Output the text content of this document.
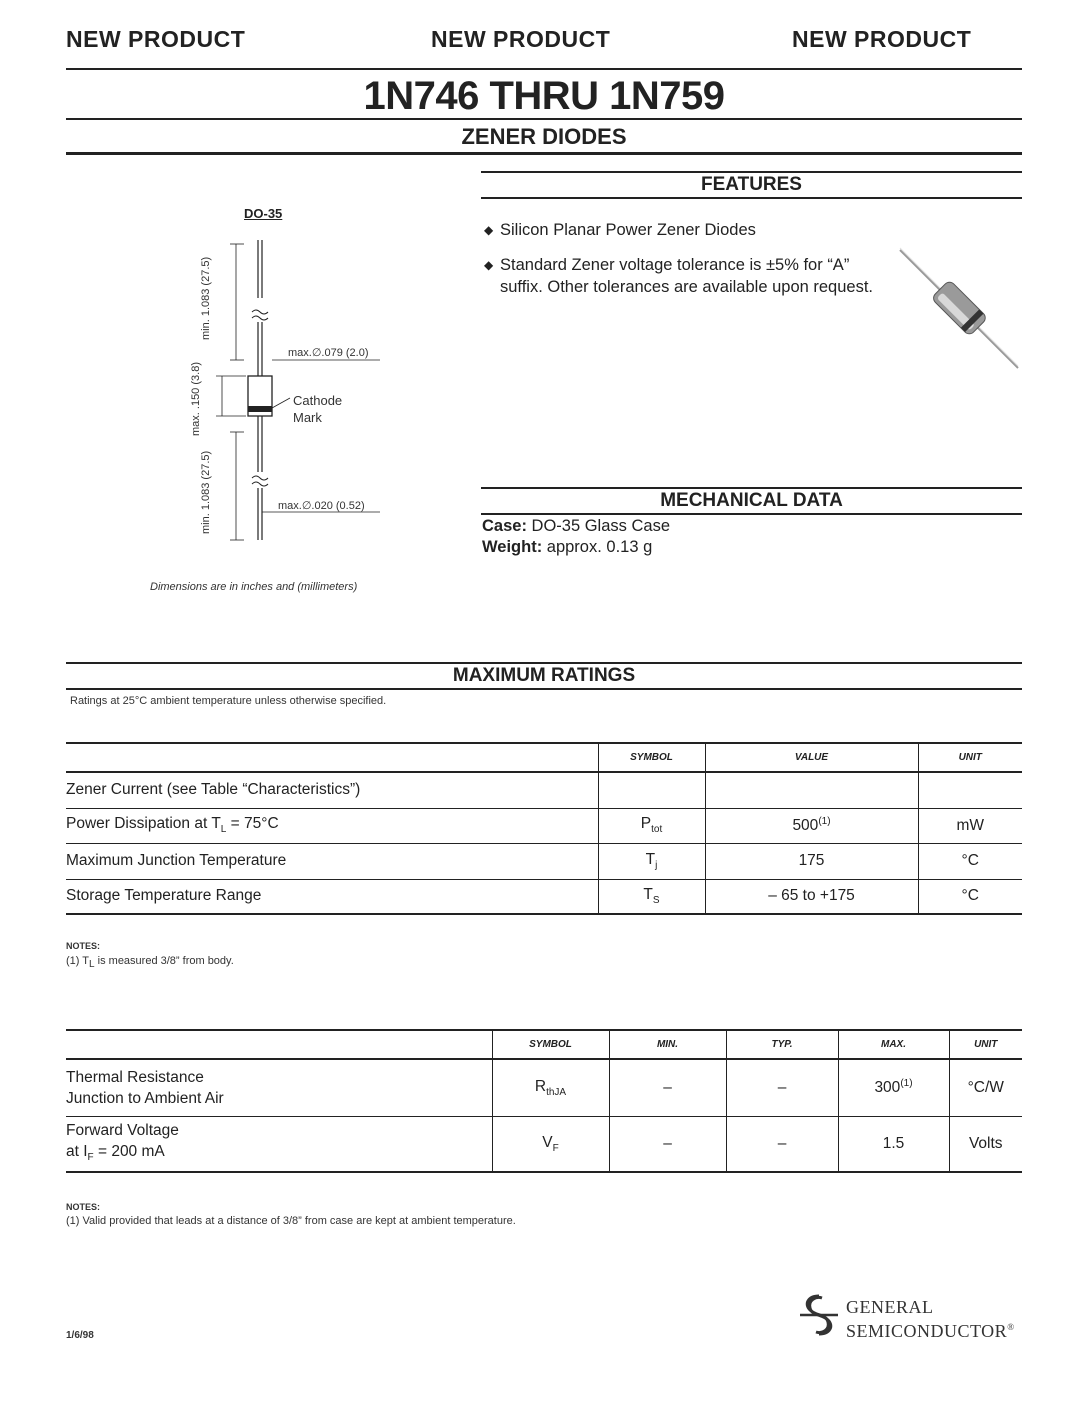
NEW PRODUCT	NEW PRODUCT	NEW PRODUCT
1N746 THRU 1N759
ZENER DIODES
DO-35
min. 1.083 (27.5)
max. .150 (3.8)
min. 1.083 (27.5)
max.∅.079 (2.0)
Cathode
Mark
max.∅.020 (0.52)
Dimensions are in inches and (millimeters)
FEATURES
◆ Silicon Planar Power Zener Diodes
◆ Standard Zener voltage tolerance is ±5% for “A” suffix. Other tolerances are available upon request.
MECHANICAL DATA
Case: DO-35 Glass Case
Weight: approx. 0.13 g
MAXIMUM RATINGS
Ratings at 25°C ambient temperature unless otherwise specified.
	SYMBOL	VALUE	UNIT
Zener Current (see Table “Characteristics”)			
Power Dissipation at $T_L = 75^\circ C$	$P_{tot}$	500$^{(1)}$	mW
Maximum Junction Temperature	$T_j$	175	°C
Storage Temperature Range	$T_S$	– 65 to +175	°C
NOTES:
(1) $T_L$ is measured 3/8” from body.
	SYMBOL	MIN.	TYP.	MAX.	UNIT

Thermal Resistance
Junction to Ambient Air	$R_{thJA}$	–	–	300$^{(1)}$	°C/W

Forward Voltage
at $I_F = 200$ mA	$V_F$	–	–	1.5	Volts
NOTES:
(1) Valid provided that leads at a distance of 3/8” from case are kept at ambient temperature.
1/6/98
GENERAL
SEMICONDUCTOR®
